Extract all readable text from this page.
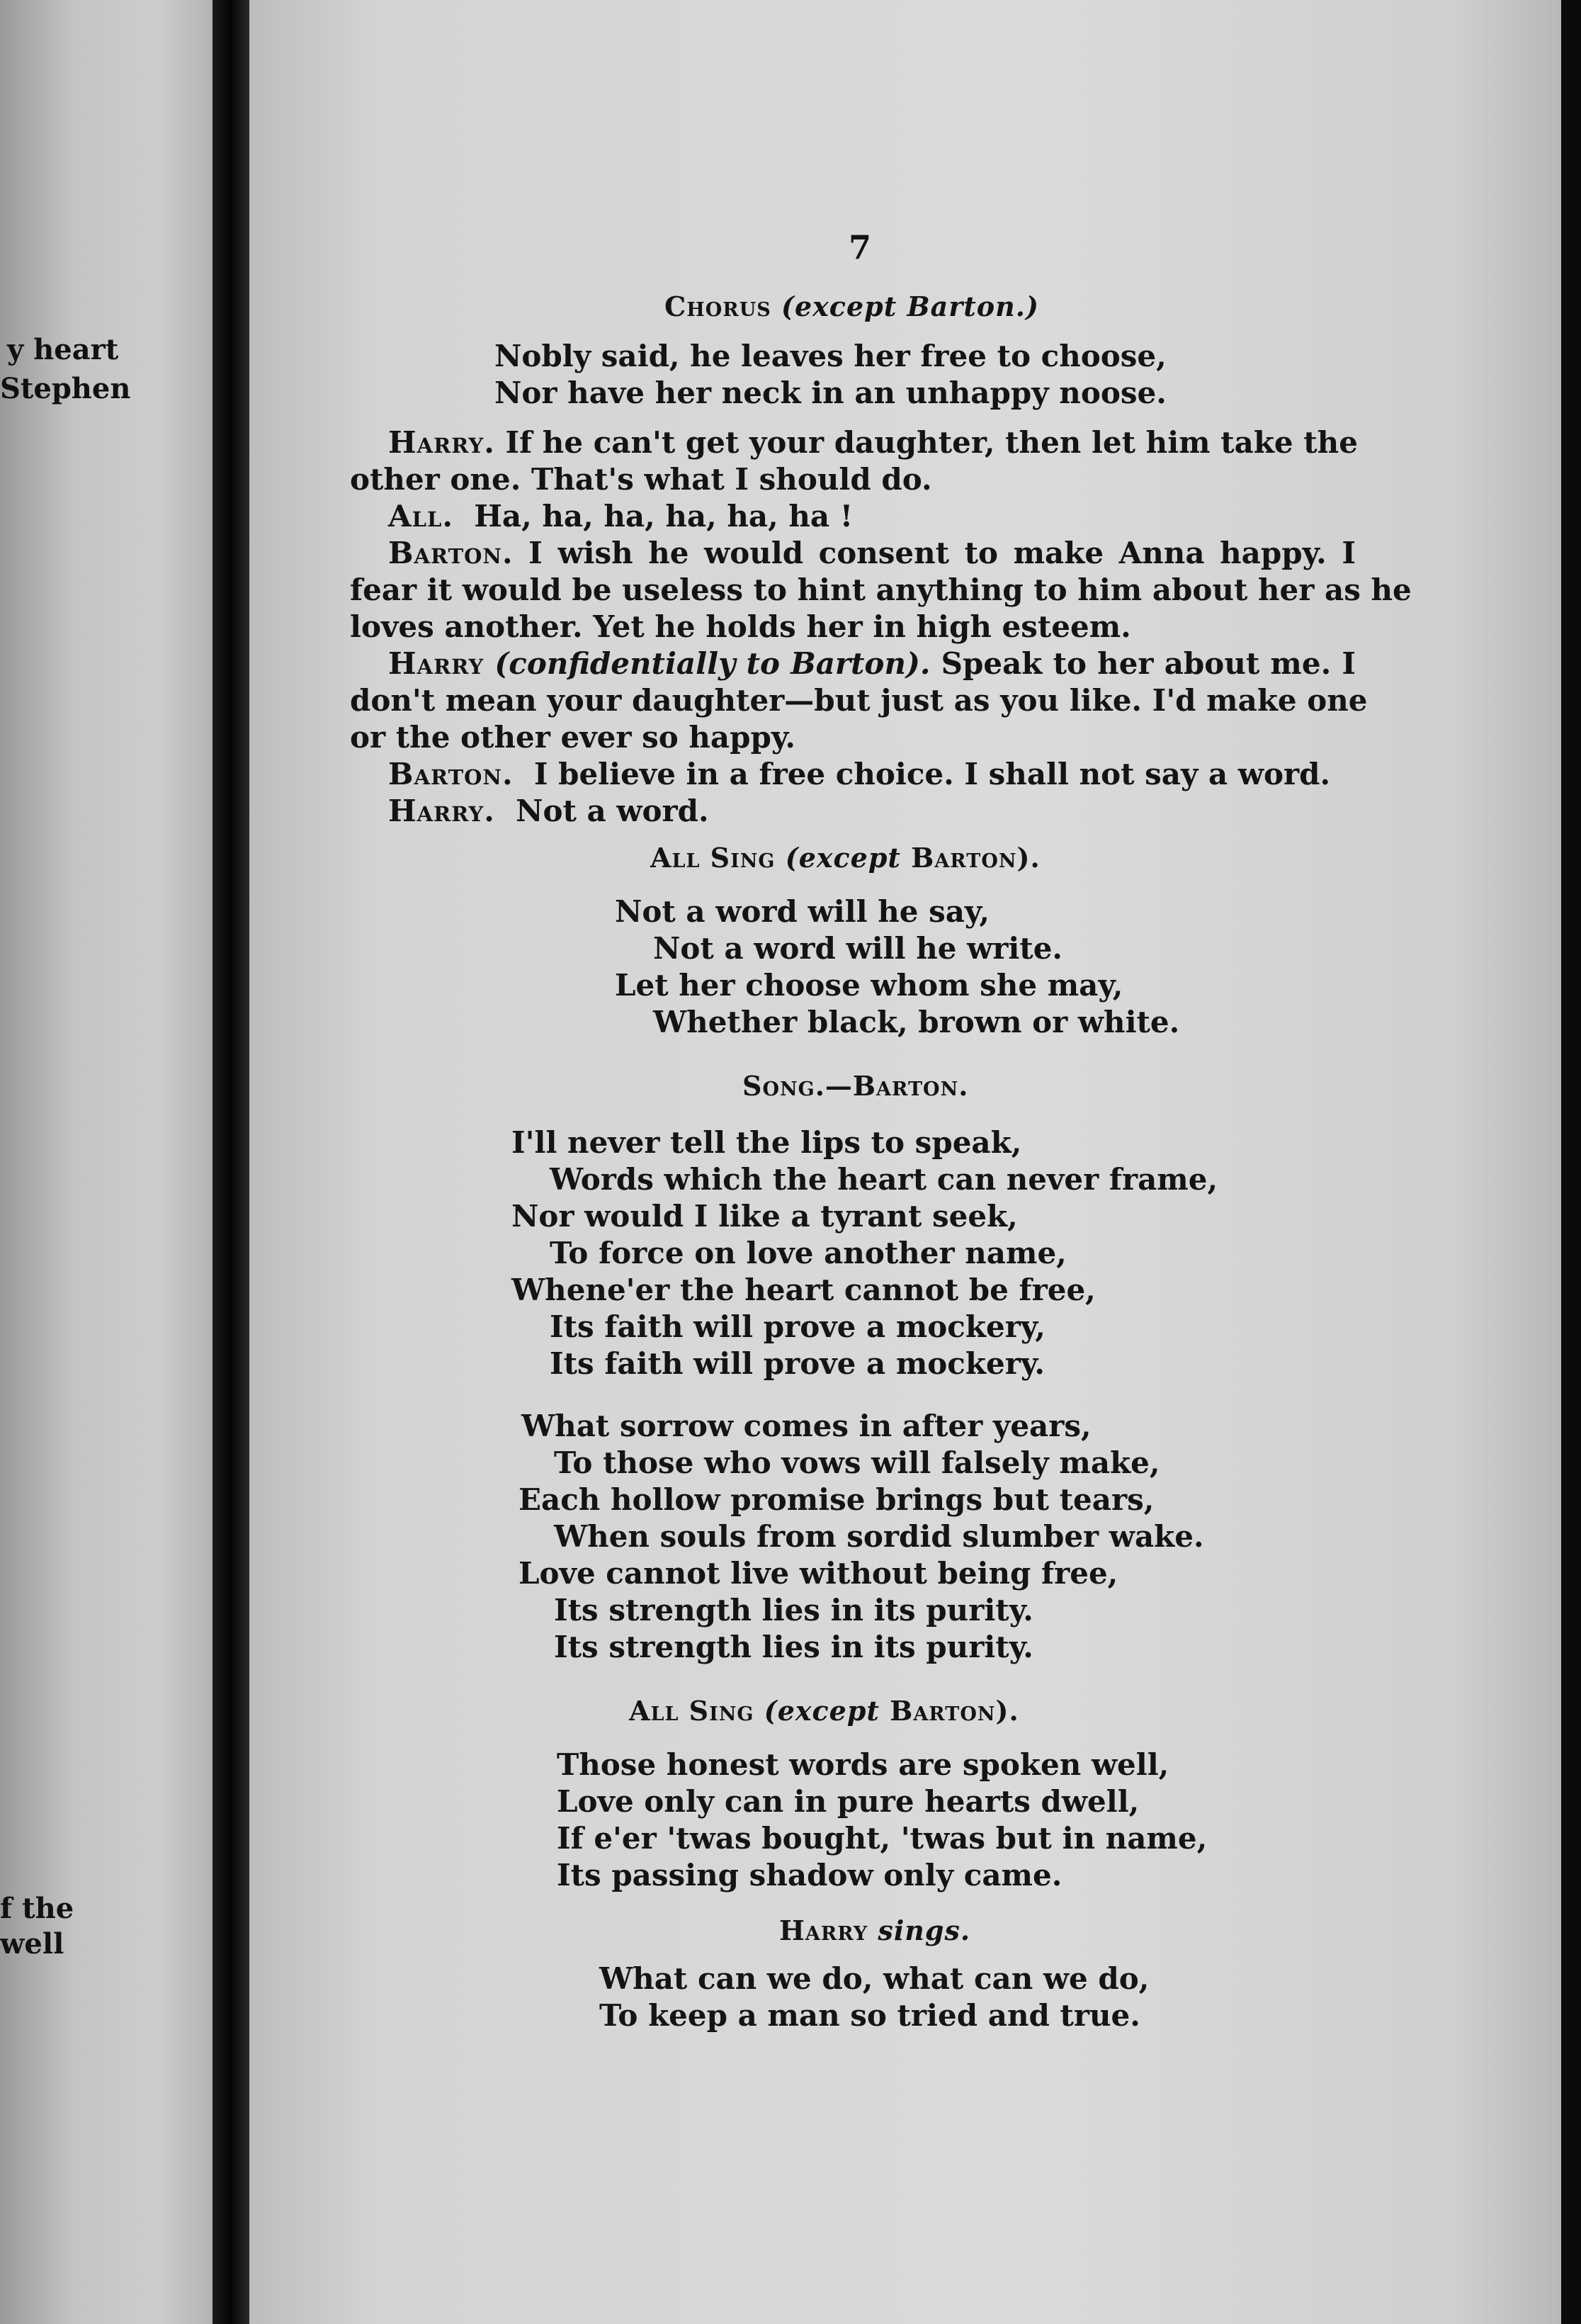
y heart
Stephen
f the
well
7
Chorus (except Barton.)
Nobly said, he leaves her free to choose,
Nor have her neck in an unhappy noose.
Harry. If he can't get your daughter, then let him take the
other one. That's what I should do.
All. Ha, ha, ha, ha, ha, ha !
Barton. I wish he would consent to make Anna happy. I
fear it would be useless to hint anything to him about her as he
loves another. Yet he holds her in high esteem.
Harry (confidentially to Barton). Speak to her about me. I
don't mean your daughter—but just as you like. I'd make one
or the other ever so happy.
Barton. I believe in a free choice. I shall not say a word.
Harry. Not a word.
All Sing (except Barton).
Not a word will he say,
Not a word will he write.
Let her choose whom she may,
Whether black, brown or white.
Song.—Barton.
I'll never tell the lips to speak,
Words which the heart can never frame,
Nor would I like a tyrant seek,
To force on love another name,
Whene'er the heart cannot be free,
Its faith will prove a mockery,
Its faith will prove a mockery.
What sorrow comes in after years,
To those who vows will falsely make,
Each hollow promise brings but tears,
When souls from sordid slumber wake.
Love cannot live without being free,
Its strength lies in its purity.
Its strength lies in its purity.
All Sing (except Barton).
Those honest words are spoken well,
Love only can in pure hearts dwell,
If e'er 'twas bought, 'twas but in name,
Its passing shadow only came.
Harry sings.
What can we do, what can we do,
To keep a man so tried and true.
